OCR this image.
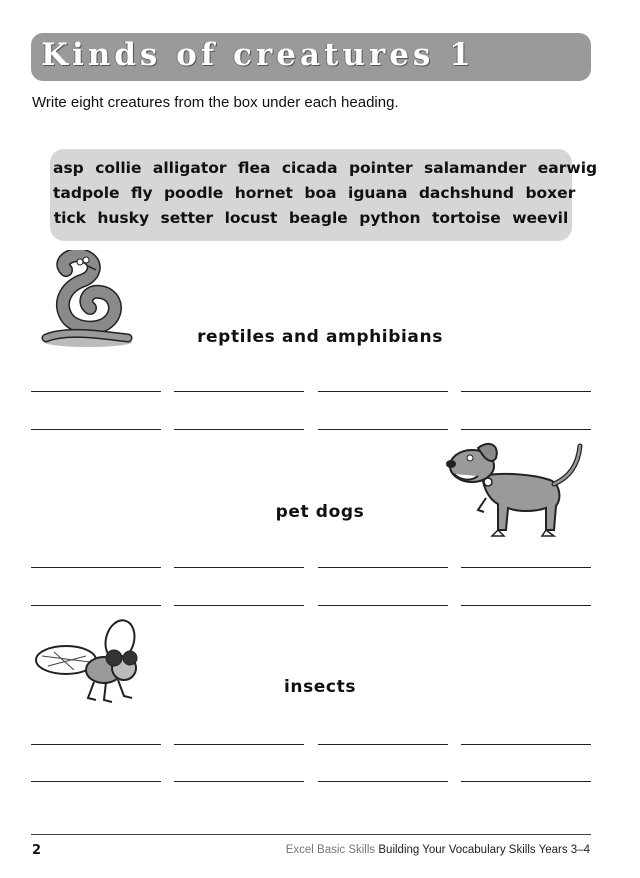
Kinds of creatures 1
Write eight creatures from the box under each heading.
asp collie alligator flea cicada pointer salamander earwig
tadpole fly poodle hornet boa iguana dachshund boxer
tick husky setter locust beagle python tortoise weevil
reptiles and amphibians
pet dogs
insects
2	Excel Basic Skills Building Your Vocabulary Skills Years 3–4
